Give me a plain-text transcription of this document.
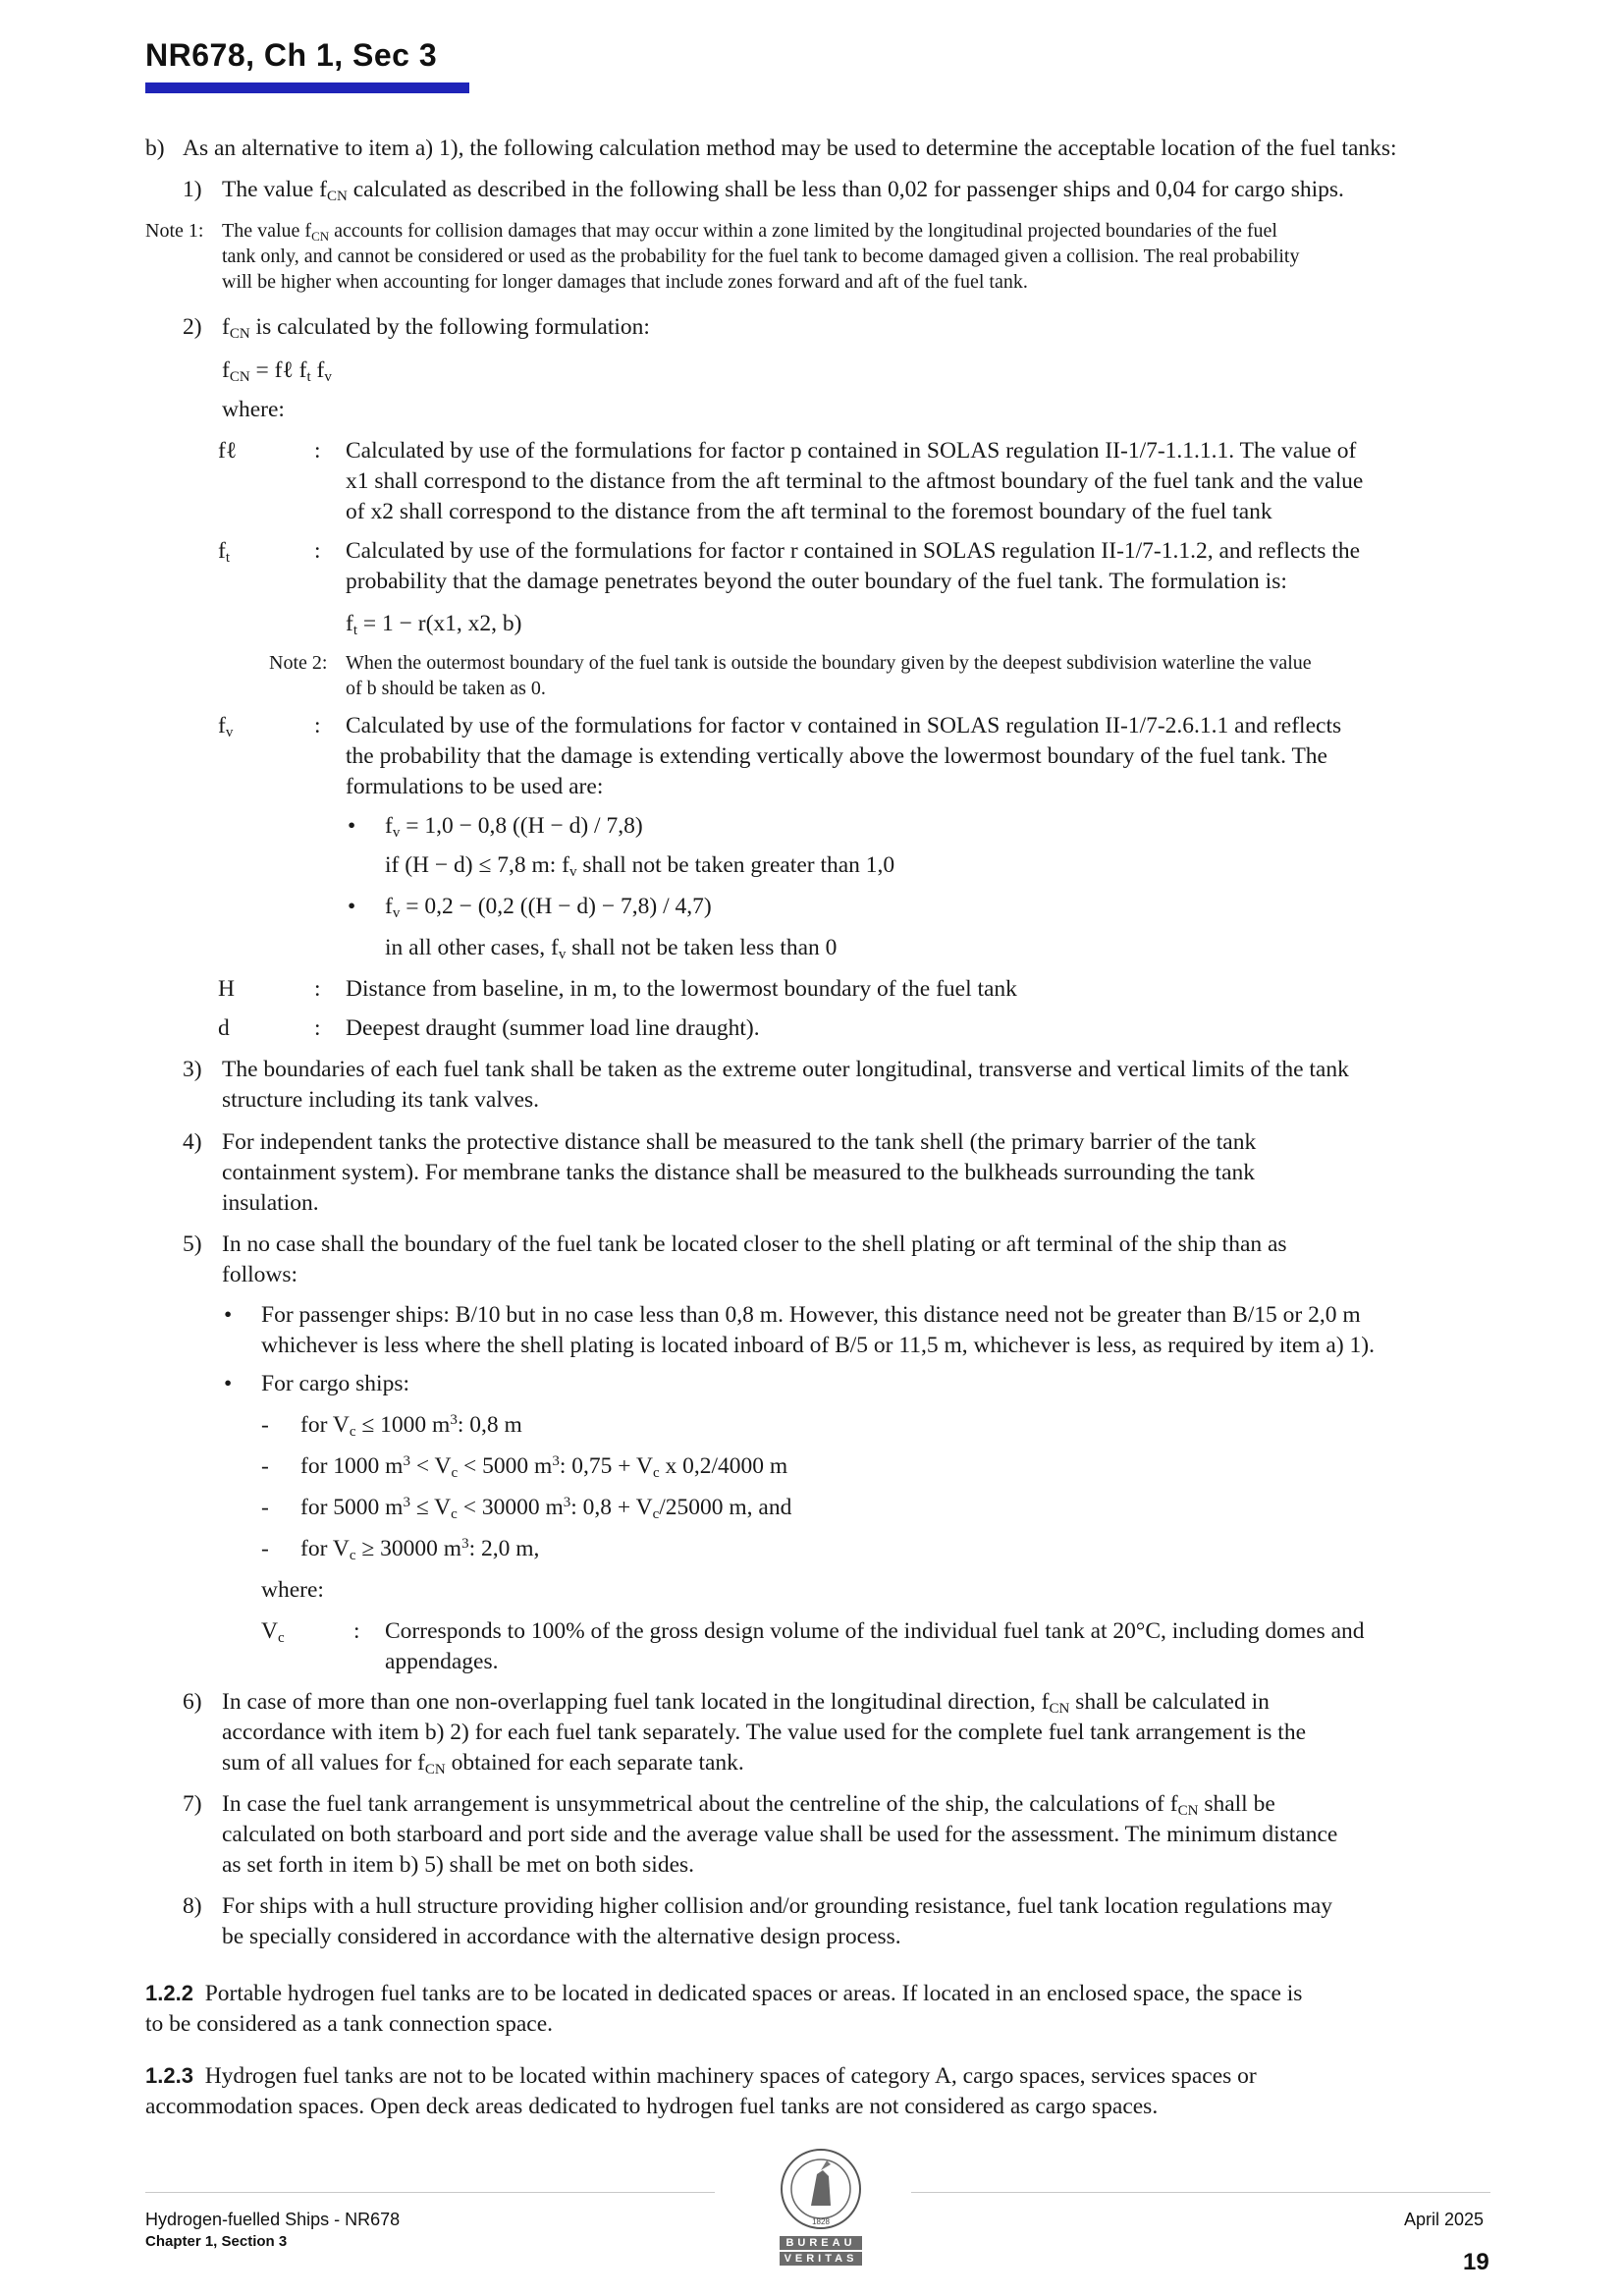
NR678, Ch 1, Sec 3
b) As an alternative to item a) 1), the following calculation method may be used to determine the acceptable location of the fuel tanks:
1) The value $f_{CN}$ calculated as described in the following shall be less than 0,02 for passenger ships and 0,04 for cargo ships.
Note 1: The value $f_{CN}$ accounts for collision damages that may occur within a zone limited by the longitudinal projected boundaries of the fuel
tank only, and cannot be considered or used as the probability for the fuel tank to become damaged given a collision. The real probability
will be higher when accounting for longer damages that include zones forward and aft of the fuel tank.
2) $f_{CN}$ is calculated by the following formulation:
$f_{CN}$ = fℓ $f_t$ $f_v$
where:
fℓ	: Calculated by use of the formulations for factor p contained in SOLAS regulation II-1/7-1.1.1.1. The value of
x1 shall correspond to the distance from the aft terminal to the aftmost boundary of the fuel tank and the value
of x2 shall correspond to the distance from the aft terminal to the foremost boundary of the fuel tank
$f_t$	: Calculated by use of the formulations for factor r contained in SOLAS regulation II-1/7-1.1.2, and reflects the
probability that the damage penetrates beyond the outer boundary of the fuel tank. The formulation is:
$f_t = 1 - r(x1$, x2, b)
Note 2: When the outermost boundary of the fuel tank is outside the boundary given by the deepest subdivision waterline the value
of b should be taken as 0.
$f_v$	: Calculated by use of the formulations for factor v contained in SOLAS regulation II-1/7-2.6.1.1 and reflects
the probability that the damage is extending vertically above the lowermost boundary of the fuel tank. The
formulations to be used are:
• $f_v = 1,0 - 0,8$ ((H − d) / 7,8)
if (H − d) ≤ 7,8 m: $f_v$ shall not be taken greater than 1,0
• $f_v = 0,2 - (0,2$ ((H − d) − 7,8) / 4,7)
in all other cases, $f_v$ shall not be taken less than 0
H	: Distance from baseline, in m, to the lowermost boundary of the fuel tank
d	: Deepest draught (summer load line draught).
3) The boundaries of each fuel tank shall be taken as the extreme outer longitudinal, transverse and vertical limits of the tank
structure including its tank valves.
4) For independent tanks the protective distance shall be measured to the tank shell (the primary barrier of the tank
containment system). For membrane tanks the distance shall be measured to the bulkheads surrounding the tank
insulation.
5) In no case shall the boundary of the fuel tank be located closer to the shell plating or aft terminal of the ship than as
follows:
• For passenger ships: B/10 but in no case less than 0,8 m. However, this distance need not be greater than B/15 or 2,0 m
whichever is less where the shell plating is located inboard of B/5 or 11,5 m, whichever is less, as required by item a) 1).
• For cargo ships:
- for $V_c \le 1000$ $m^3$: 0,8 m
- for 1000 $m^3 < V_c < 5000$ $m^3$: $0,75 + V_c$ x 0,2/4000 m
- for 5000 $m^3 \le V_c < 30000$ $m^3$: $0,8 + V_c/25000$ m, and
- for $V_c \ge 30000$ $m^3$: 2,0 m,
where:
$V_c$	: Corresponds to 100% of the gross design volume of the individual fuel tank at 20°C, including domes and
appendages.
6) In case of more than one non-overlapping fuel tank located in the longitudinal direction, $f_{CN}$ shall be calculated in
accordance with item b) 2) for each fuel tank separately. The value used for the complete fuel tank arrangement is the
sum of all values for $f_{CN}$ obtained for each separate tank.
7) In case the fuel tank arrangement is unsymmetrical about the centreline of the ship, the calculations of $f_{CN}$ shall be
calculated on both starboard and port side and the average value shall be used for the assessment. The minimum distance
as set forth in item b) 5) shall be met on both sides.
8) For ships with a hull structure providing higher collision and/or grounding resistance, fuel tank location regulations may
be specially considered in accordance with the alternative design process.
1.2.2 Portable hydrogen fuel tanks are to be located in dedicated spaces or areas. If located in an enclosed space, the space is
to be considered as a tank connection space.
1.2.3 Hydrogen fuel tanks are not to be located within machinery spaces of category A, cargo spaces, services spaces or
accommodation spaces. Open deck areas dedicated to hydrogen fuel tanks are not considered as cargo spaces.
Hydrogen-fuelled Ships - NR678
Chapter 1, Section 3
April 2025
19
1828
BUREAU
VERITAS
